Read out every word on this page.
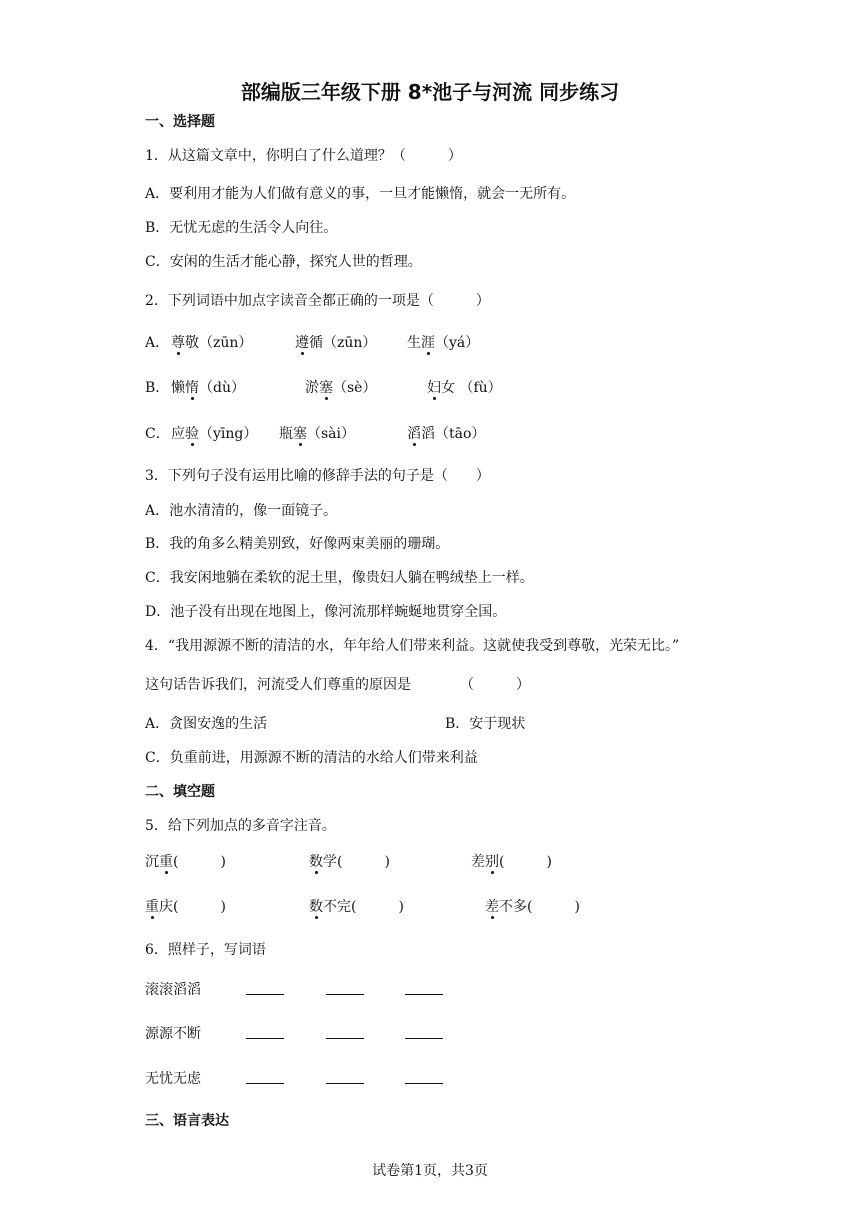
部编版三年级下册 8*池子与河流 同步练习
一、选择题
1．从这篇文章中，你明白了什么道理？（　　　）
A．要利用才能为人们做有意义的事，一旦才能懒惰，就会一无所有。
B．无忧无虑的生活令人向往。
C．安闲的生活才能心静，探究人世的哲理。
2．下列词语中加点字读音全都正确的一项是（　　　）
A． 尊敬（zūn）	遵循（zūn） 生涯（yá）
B． 懒惰（dù）	淤塞（sè）	妇女 （fù）
C． 应验（yīng） 瓶塞（sài）	滔滔（tāo）
3．下列句子没有运用比喻的修辞手法的句子是（　　）
A．池水清清的，像一面镜子。
B．我的角多么精美别致，好像两束美丽的珊瑚。
C．我安闲地躺在柔软的泥土里，像贵妇人躺在鸭绒垫上一样。
D．池子没有出现在地图上，像河流那样蜿蜒地贯穿全国。
4．“我用源源不断的清洁的水，年年给人们带来利益。这就使我受到尊敬，光荣无比。”
这句话告诉我们，河流受人们尊重的原因是　　　　（　　　）
A．贪图安逸的生活	B．安于现状
C．负重前进，用源源不断的清洁的水给人们带来利益
二、填空题
5．给下列加点的多音字注音。
沉重(　　　)	数学(　　　)	差别(　　　)
重庆(　　　)	数不完(　　　)	差不多(　　　)
6．照样子，写词语
滚滚滔滔
源源不断
无忧无虑
三、语言表达
试卷第1页，共3页
